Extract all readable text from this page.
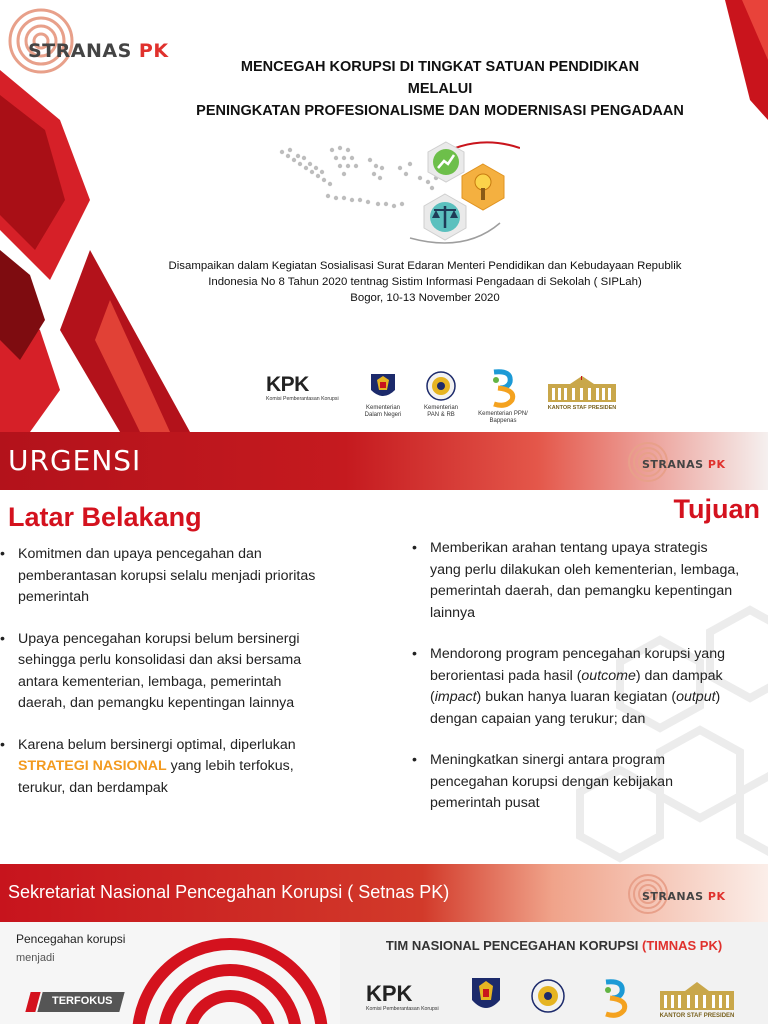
STRANAS PK
MENCEGAH KORUPSI DI TINGKAT SATUAN PENDIDIKAN
MELALUI
PENINGKATAN PROFESIONALISME DAN MODERNISASI PENGADAAN
Disampaikan dalam Kegiatan Sosialisasi Surat Edaran Menteri Pendidikan dan Kebudayaan Republik
Indonesia No 8 Tahun 2020 tentnag Sistim Informasi Pengadaan di Sekolah ( SIPLah)
Bogor, 10-13 November 2020
KPK
Komisi Pemberantasan Korupsi
Kementerian Dalam Negeri
Kementerian PAN & RB	Kementerian PPN/ Bappenas
KANTOR STAF PRESIDEN
URGENSI	STRANAS PK
Latar Belakang	Tujuan
• Komitmen dan upaya pencegahan dan pemberantasan korupsi selalu menjadi prioritas pemerintah
• Upaya pencegahan korupsi belum bersinergi sehingga perlu konsolidasi dan aksi bersama antara kementerian, lembaga, pemerintah daerah, dan pemangku kepentingan lainnya
• Karena belum bersinergi optimal, diperlukan STRATEGI NASIONAL yang lebih terfokus, terukur, dan berdampak
• Memberikan arahan tentang upaya strategis yang perlu dilakukan oleh kementerian, lembaga, pemerintah daerah, dan pemangku kepentingan lainnya
• Mendorong program pencegahan korupsi yang berorientasi pada hasil (outcome) dan dampak (impact) bukan hanya luaran kegiatan (output) dengan capaian yang terukur; dan
• Meningkatkan sinergi antara program pencegahan korupsi dengan kebijakan pemerintah pusat
Sekretariat Nasional Pencegahan Korupsi ( Setnas PK)	STRANAS PK
Pencegahan korupsi
menjadi
TERFOKUS
TIM NASIONAL PENCEGAHAN KORUPSI (TIMNAS PK)
KPK
Komisi Pemberantasan Korupsi
KANTOR STAF PRESIDEN
